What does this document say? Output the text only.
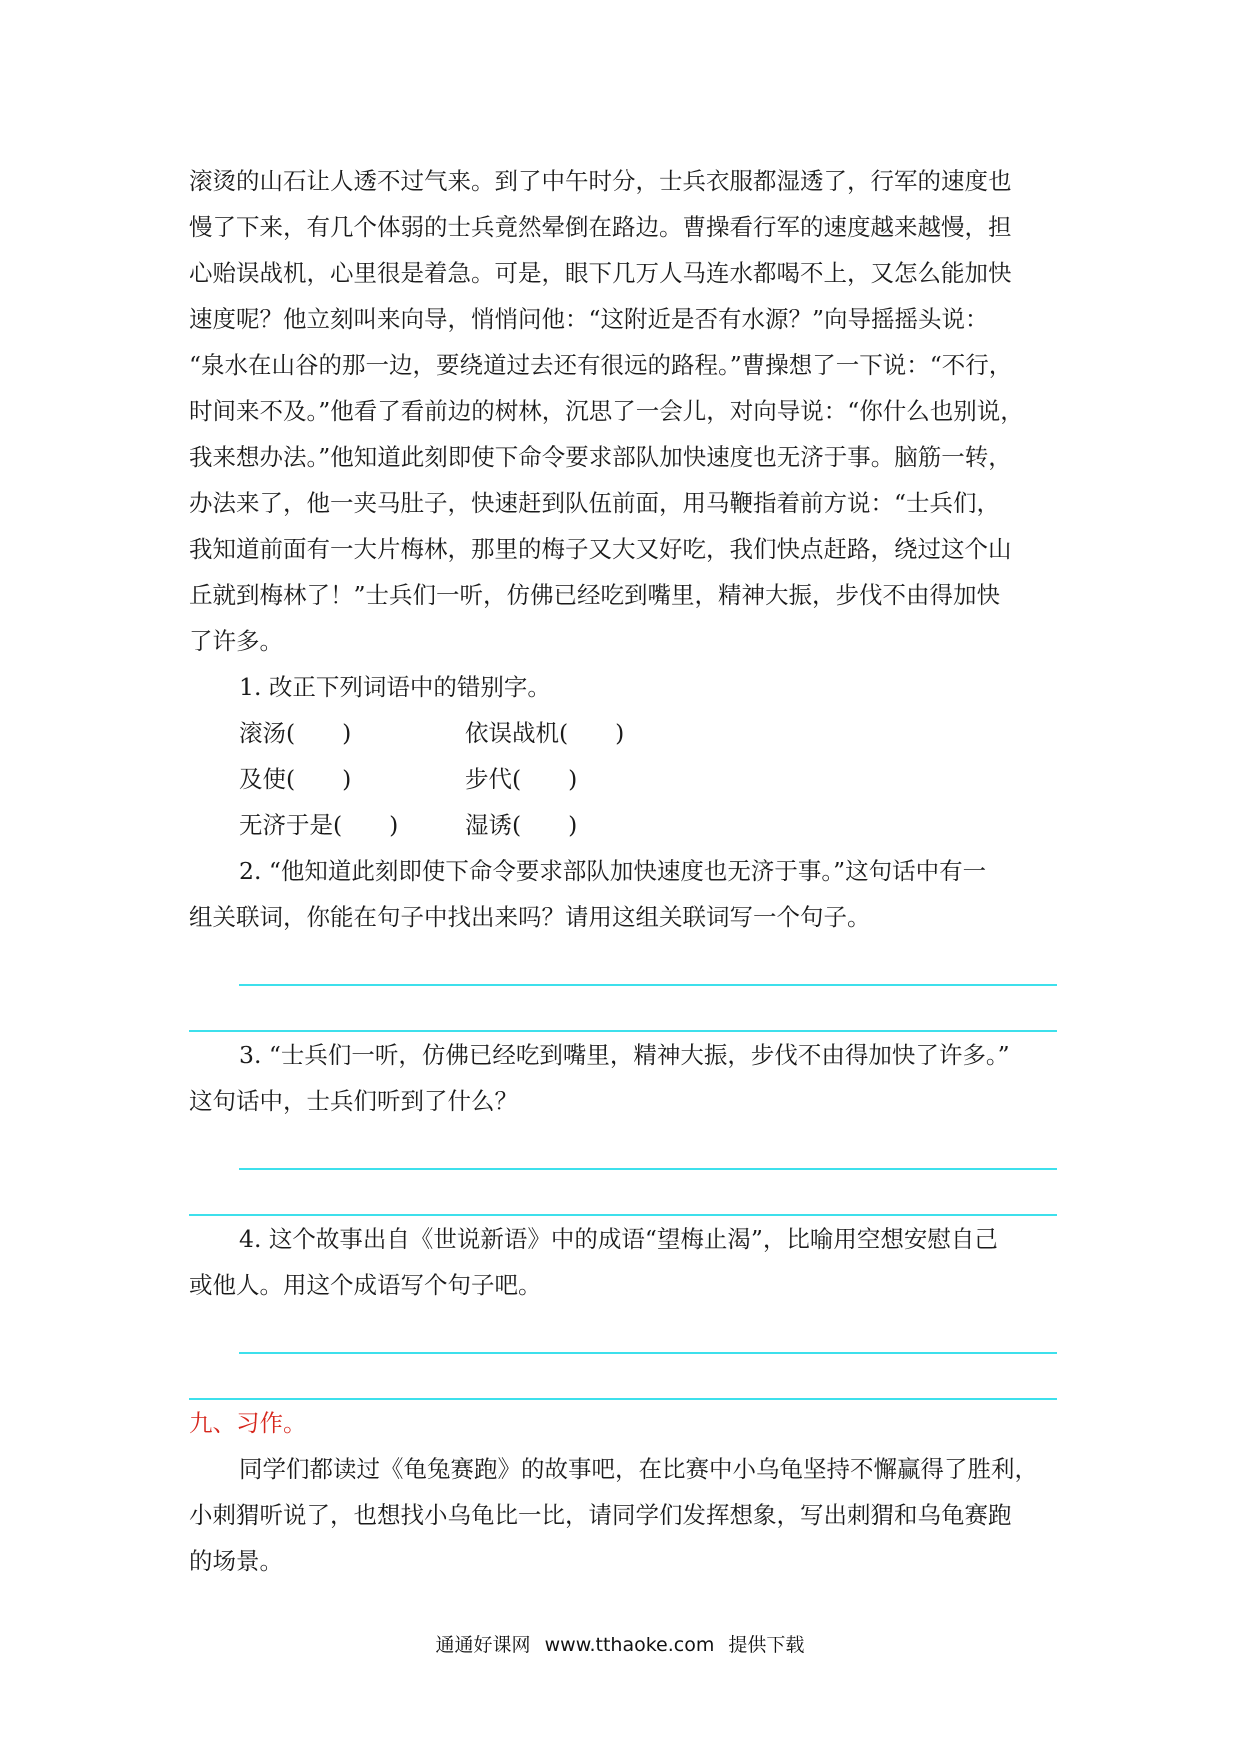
滚烫的山石让人透不过气来。到了中午时分，士兵衣服都湿透了，行军的速度也
慢了下来，有几个体弱的士兵竟然晕倒在路边。曹操看行军的速度越来越慢，担
心贻误战机，心里很是着急。可是，眼下几万人马连水都喝不上，又怎么能加快
速度呢？他立刻叫来向导，悄悄问他：“这附近是否有水源？”向导摇摇头说：
“泉水在山谷的那一边，要绕道过去还有很远的路程。”曹操想了一下说：“不行，
时间来不及。”他看了看前边的树林，沉思了一会儿，对向导说：“你什么也别说，
我来想办法。”他知道此刻即使下命令要求部队加快速度也无济于事。脑筋一转，
办法来了，他一夹马肚子，快速赶到队伍前面，用马鞭指着前方说：“士兵们，
我知道前面有一大片梅林，那里的梅子又大又好吃，我们快点赶路，绕过这个山
丘就到梅林了！”士兵们一听，仿佛已经吃到嘴里，精神大振，步伐不由得加快
了许多。
1. 改正下列词语中的错别字。
滚汤(　　)	依误战机(　　)
及使(　　)	步代(　　)
无济于是(　　)	湿诱(　　)
2. “他知道此刻即使下命令要求部队加快速度也无济于事。”这句话中有一
组关联词，你能在句子中找出来吗？请用这组关联词写一个句子。
3. “士兵们一听，仿佛已经吃到嘴里，精神大振，步伐不由得加快了许多。”
这句话中，士兵们听到了什么？
4. 这个故事出自《世说新语》中的成语“望梅止渴”，比喻用空想安慰自己
或他人。用这个成语写个句子吧。
九、习作。
同学们都读过《龟兔赛跑》的故事吧，在比赛中小乌龟坚持不懈赢得了胜利，
小刺猬听说了，也想找小乌龟比一比，请同学们发挥想象，写出刺猬和乌龟赛跑
的场景。
通通好课网 www.tthaoke.com 提供下载
